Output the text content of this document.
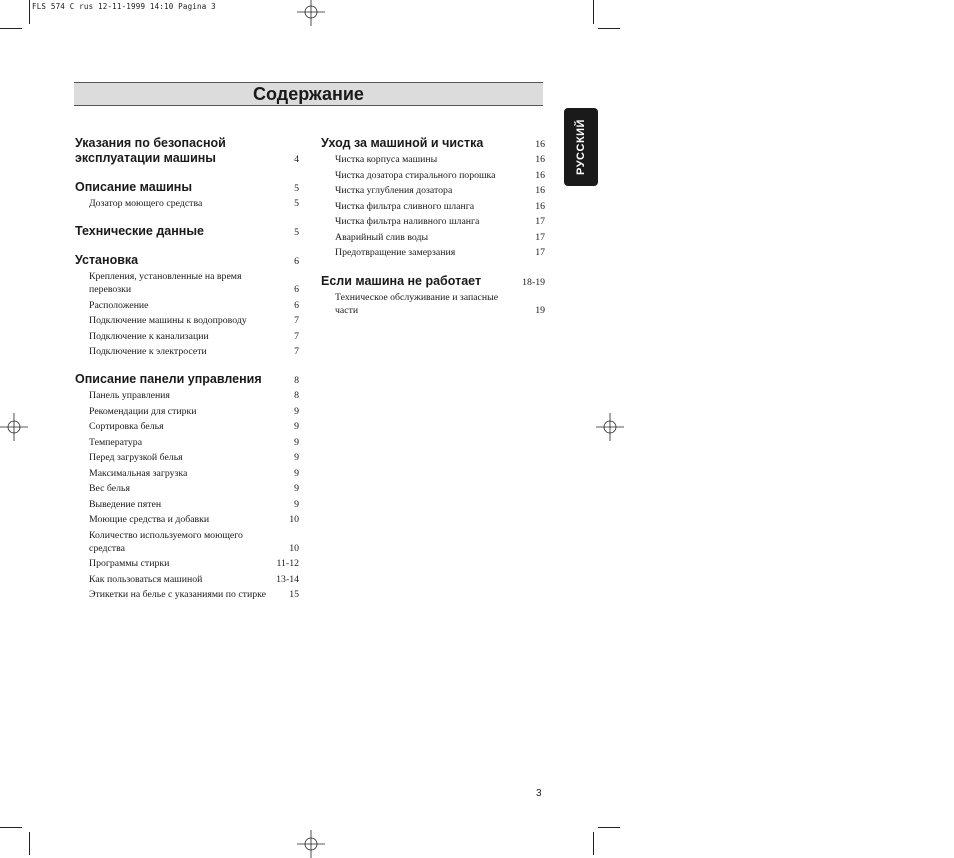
FLS 574 C rus 12-11-1999 14:10 Pagina 3
Содержание
РУССКИЙ
Указания по безопасной эксплуатации машины	4
Описание машины	5
Дозатор моющего средства	5
Технические данные	5
Установка	6
Крепления, установленные на время перевозки	6
Расположение	6
Подключение машины к водопроводу	7
Подключение к канализации	7
Подключение к электросети	7
Описание панели управления	8
Панель управления	8
Рекомендации для стирки	9
Сортировка белья	9
Температура	9
Перед загрузкой белья	9
Максимальная загрузка	9
Вес белья	9
Выведение пятен	9
Моющие средства и добавки	10
Количество используемого моющего средства	10
Программы стирки	11-12
Как пользоваться машиной	13-14
Этикетки на белье с указаниями по стирке 15
Уход за машиной и чистка	16
Чистка корпуса машины	16
Чистка дозатора стирального порошка	16
Чистка углубления дозатора	16
Чистка фильтра сливного шланга	16
Чистка фильтра наливного шланга	17
Аварийный слив воды	17
Предотвращение замерзания	17
Если машина не работает	18-19
Техническое обслуживание и запасные части	19
3
